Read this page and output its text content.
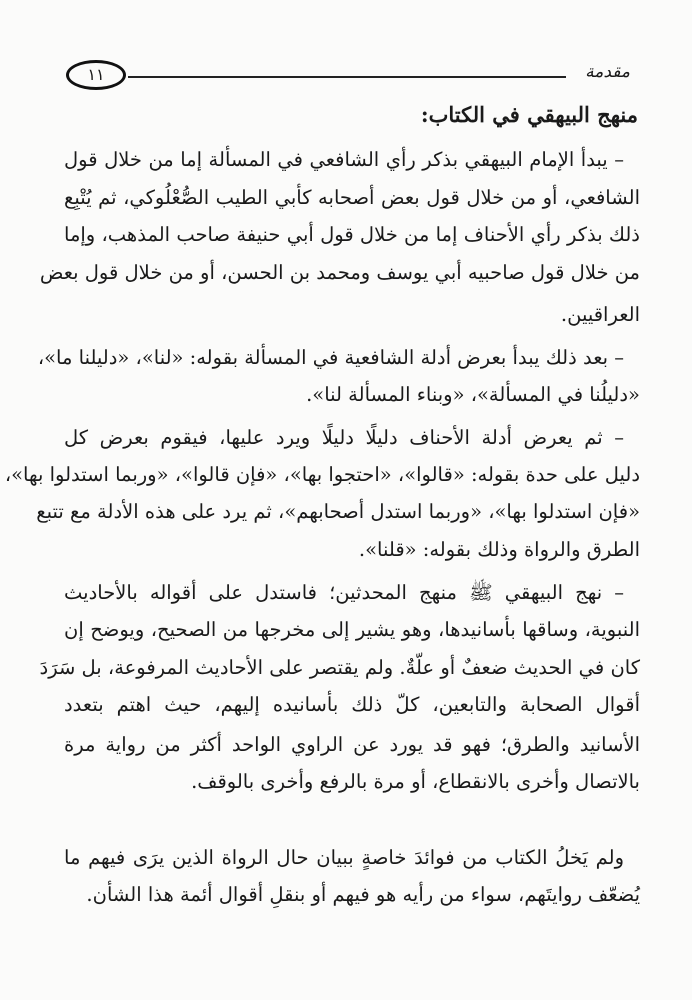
١١	مقدمة
منهج البيهقي في الكتاب:
– يبدأ الإمام البيهقي بذكر رأي الشافعي في المسألة إما من خلال قول
الشافعي، أو من خلال قول بعض أصحابه كأبي الطيب الصُّعْلُوكي، ثم يُتْبِع
ذلك بذكر رأي الأحناف إما من خلال قول أبي حنيفة صاحب المذهب، وإما
من خلال قول صاحبيه أبي يوسف ومحمد بن الحسن، أو من خلال قول بعض
العراقيين.
– بعد ذلك يبدأ بعرض أدلة الشافعية في المسألة بقوله: «لنا»، «دليلنا ما»،
«دليلُنا في المسألة»، «وبناء المسألة لنا».
– ثم يعرض أدلة الأحناف دليلًا دليلًا ويرد عليها، فيقوم بعرض كل
دليل على حدة بقوله: «قالوا»، «احتجوا بها»، «فإن قالوا»، «وربما استدلوا بها»،
«فإن استدلوا بها»، «وربما استدل أصحابهم»، ثم يرد على هذه الأدلة مع تتبع
الطرق والرواة وذلك بقوله: «قلنا».
– نهج البيهقي ﷺ منهج المحدثين؛ فاستدل على أقواله بالأحاديث
النبوية، وساقها بأسانيدها، وهو يشير إلى مخرجها من الصحيح، ويوضح إن
كان في الحديث ضعفٌ أو علّةٌ. ولم يقتصر على الأحاديث المرفوعة، بل سَرَدَ
أقوال الصحابة والتابعين، كلّ ذلك بأسانيده إليهم، حيث اهتم بتعدد
الأسانيد والطرق؛ فهو قد يورد عن الراوي الواحد أكثر من رواية مرة
بالاتصال وأخرى بالانقطاع، أو مرة بالرفع وأخرى بالوقف.
ولم يَخلُ الكتاب من فوائدَ خاصةٍ ببيان حال الرواة الذين يرَى فيهم ما
يُضعّف روايتَهم، سواء من رأيه هو فيهم أو بنقلِ أقوال أئمة هذا الشأن.
